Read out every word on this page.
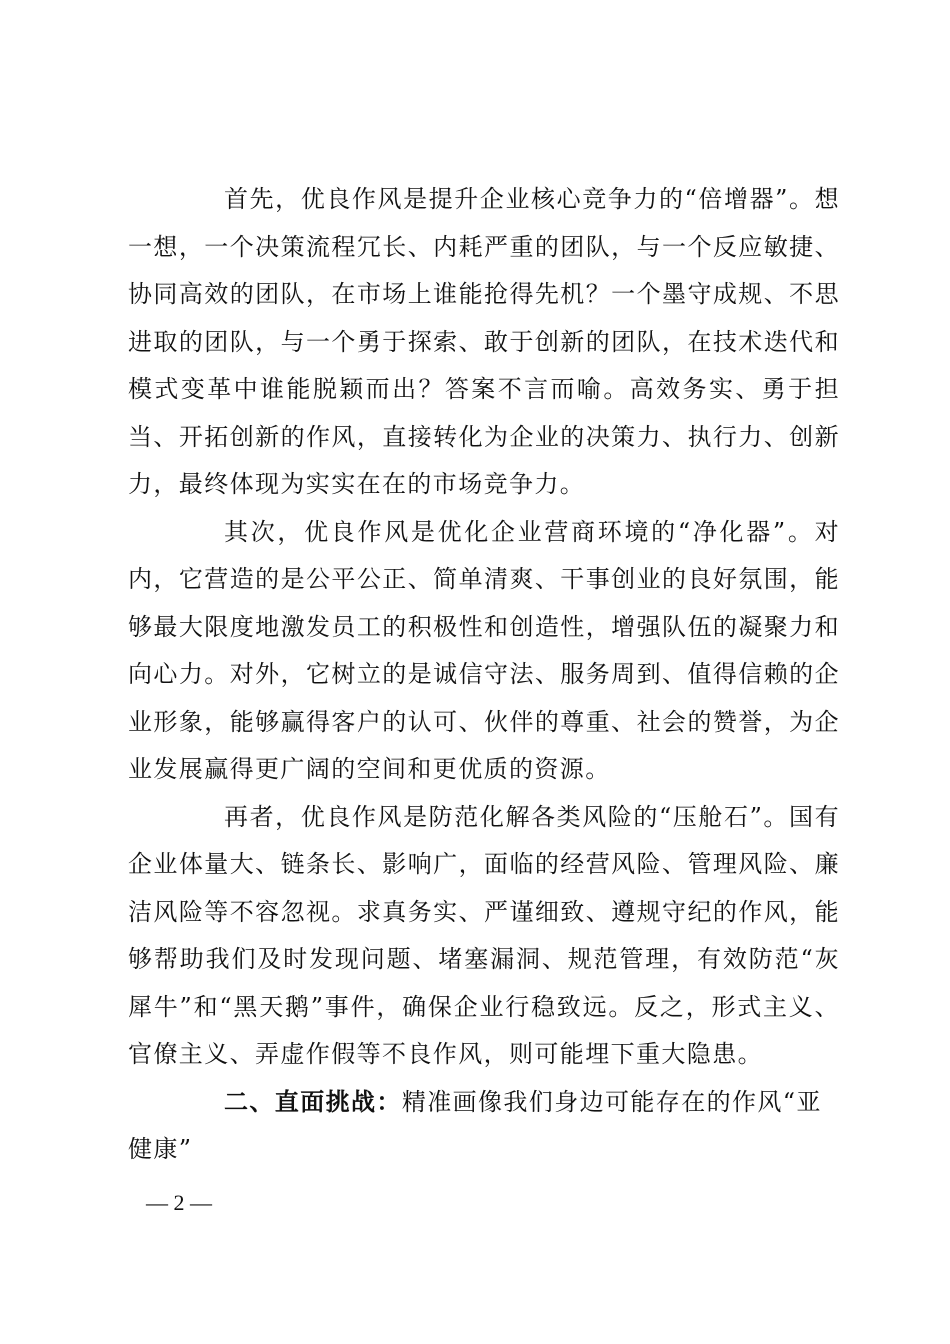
首先，优良作风是提升企业核心竞争力的“倍增器”。想一想，一个决策流程冗长、内耗严重的团队，与一个反应敏捷、协同高效的团队，在市场上谁能抢得先机？一个墨守成规、不思进取的团队，与一个勇于探索、敢于创新的团队，在技术迭代和模式变革中谁能脱颖而出？答案不言而喻。高效务实、勇于担当、开拓创新的作风，直接转化为企业的决策力、执行力、创新力，最终体现为实实在在的市场竞争力。

其次，优良作风是优化企业营商环境的“净化器”。对内，它营造的是公平公正、简单清爽、干事创业的良好氛围，能够最大限度地激发员工的积极性和创造性，增强队伍的凝聚力和向心力。对外，它树立的是诚信守法、服务周到、值得信赖的企业形象，能够赢得客户的认可、伙伴的尊重、社会的赞誉，为企业发展赢得更广阔的空间和更优质的资源。

再者，优良作风是防范化解各类风险的“压舱石”。国有企业体量大、链条长、影响广，面临的经营风险、管理风险、廉洁风险等不容忽视。求真务实、严谨细致、遵规守纪的作风，能够帮助我们及时发现问题、堵塞漏洞、规范管理，有效防范“灰犀牛”和“黑天鹅”事件，确保企业行稳致远。反之，形式主义、官僚主义、弄虚作假等不良作风，则可能埋下重大隐患。

二、直面挑战：精准画像我们身边可能存在的作风“亚健康”

— 2 —
